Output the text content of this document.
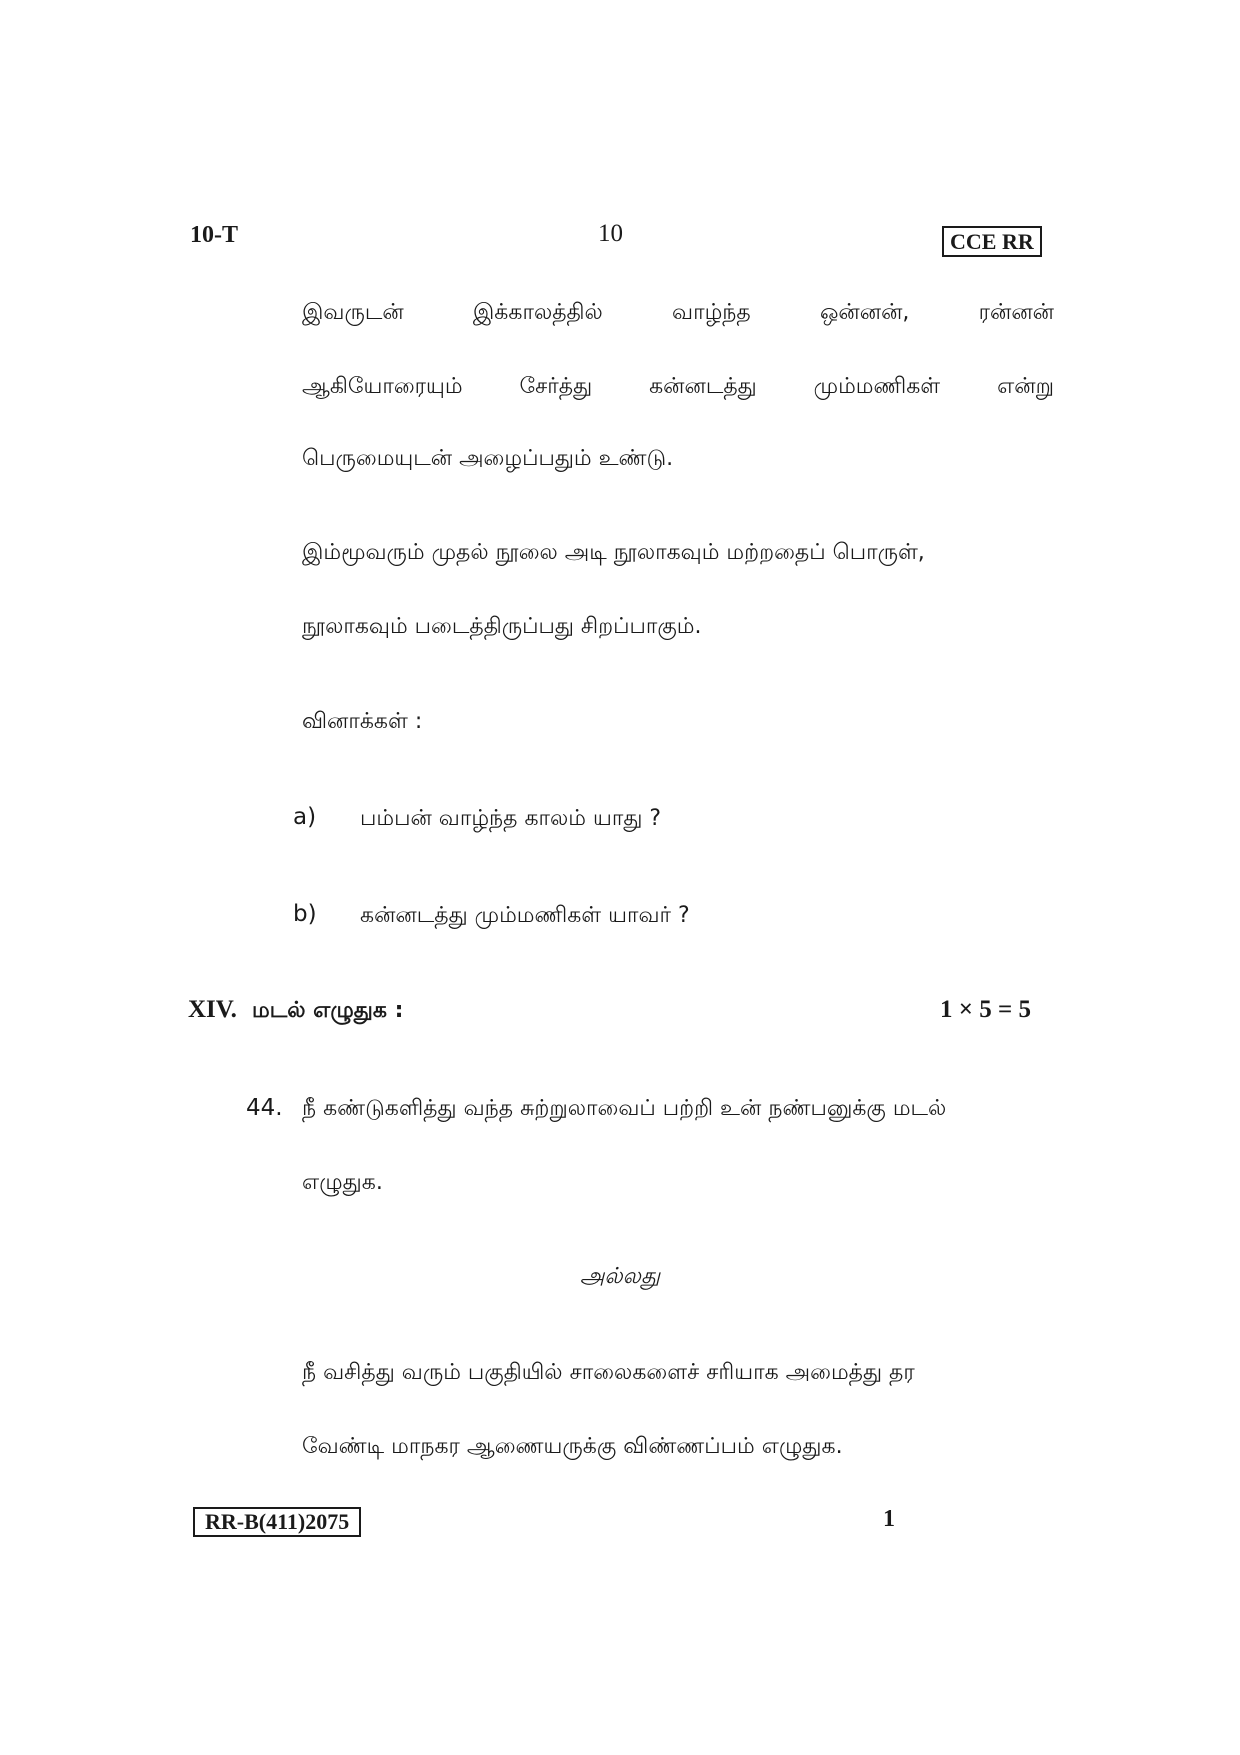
10-T	10	CCE RR
இவருடன்	இக்காலத்தில்	வாழ்ந்த	ஒன்னன்,	ரன்னன்
ஆகியோரையும்	சேர்த்து	கன்னடத்து	மும்மணிகள்	என்று
பெருமையுடன் அழைப்பதும் உண்டு.
இம்மூவரும் முதல் நூலை அடி நூலாகவும் மற்றதைப் பொருள்,
நூலாகவும் படைத்திருப்பது சிறப்பாகும்.
வினாக்கள் :
a) பம்பன் வாழ்ந்த காலம் யாது ?
b) கன்னடத்து மும்மணிகள் யாவர் ?
XIV. மடல் எழுதுக :	1 × 5 = 5
44. நீ கண்டுகளித்து வந்த சுற்றுலாவைப் பற்றி உன் நண்பனுக்கு மடல்
எழுதுக.
அல்லது
நீ வசித்து வரும் பகுதியில் சாலைகளைச் சரியாக அமைத்து தர
வேண்டி மாநகர ஆணையருக்கு விண்ணப்பம் எழுதுக.
RR-B(411)2075	1
